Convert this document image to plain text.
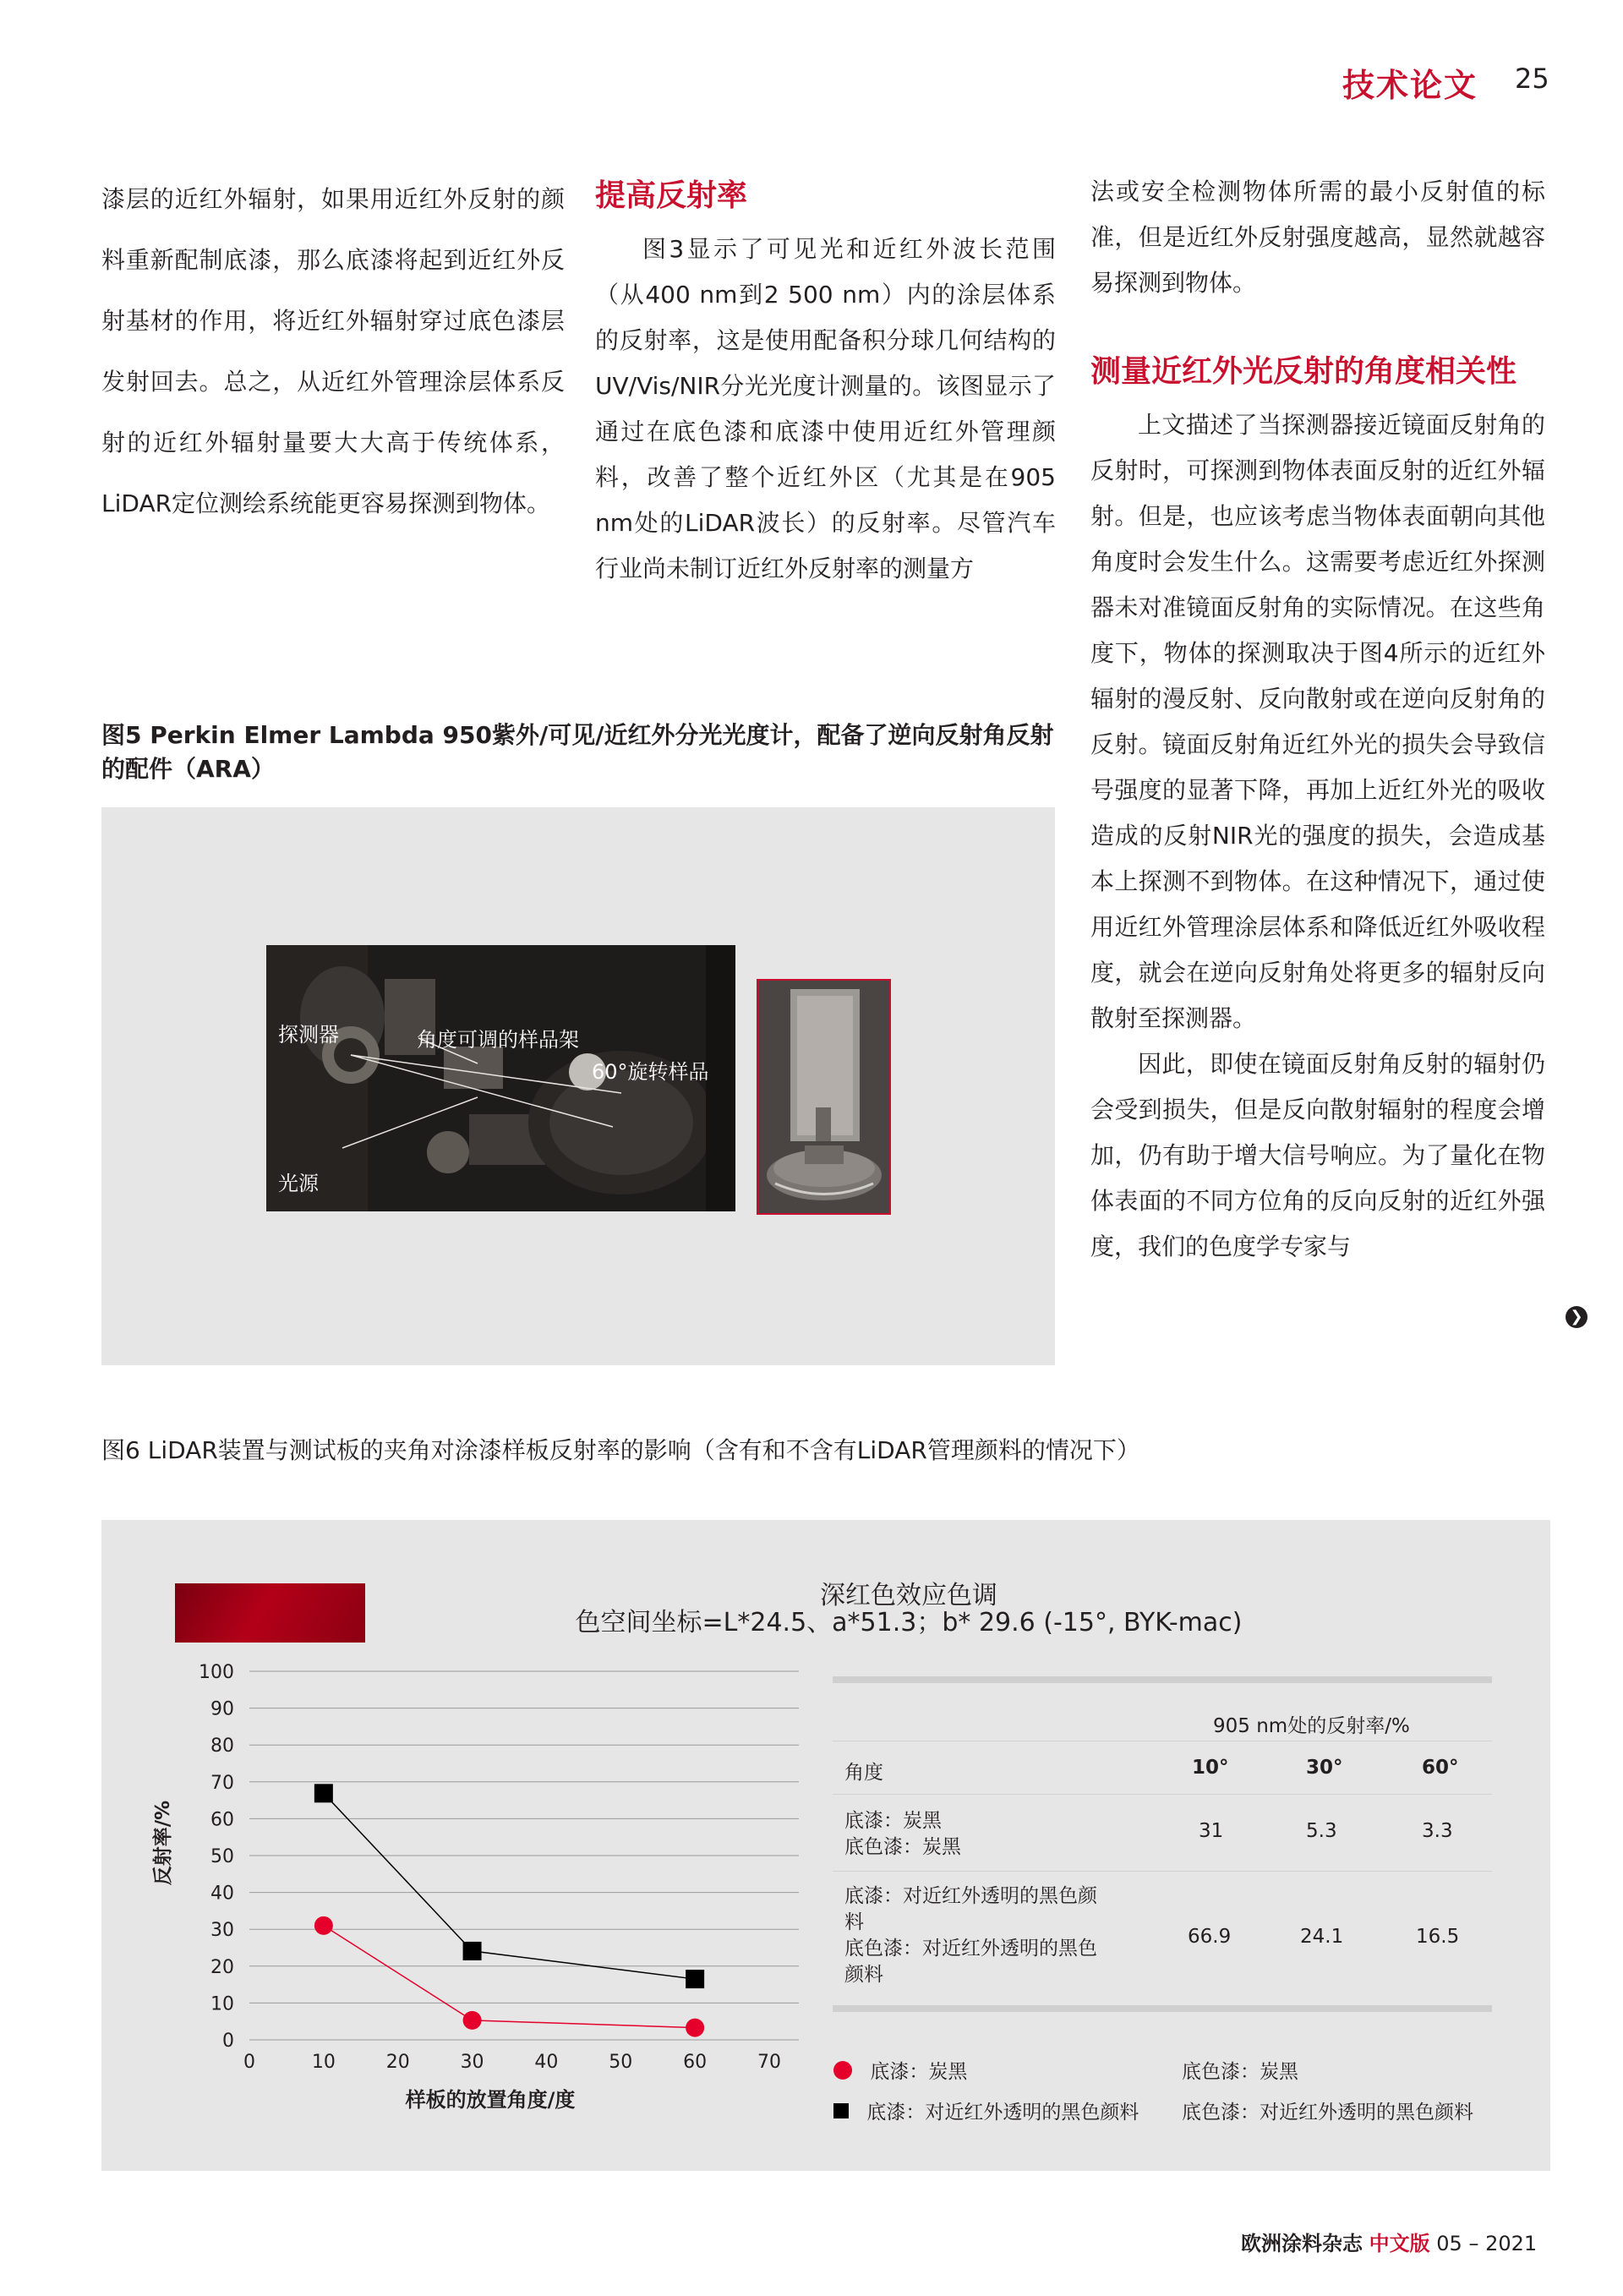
技术论文 25

漆层的近红外辐射，如果用近红外反射的颜料重新配制底漆，那么底漆将起到近红外反射基材的作用，将近红外辐射穿过底色漆层发射回去。总之，从近红外管理涂层体系反射的近红外辐射量要大大高于传统体系，LiDAR定位测绘系统能更容易探测到物体。

提高反射率

图3显示了可见光和近红外波长范围（从400 nm到2 500 nm）内的涂层体系的反射率，这是使用配备积分球几何结构的UV/Vis/NIR分光光度计测量的。该图显示了通过在底色漆和底漆中使用近红外管理颜料，改善了整个近红外区（尤其是在905 nm处的LiDAR波长）的反射率。尽管汽车行业尚未制订近红外反射率的测量方

法或安全检测物体所需的最小反射值的标准，但是近红外反射强度越高，显然就越容易探测到物体。

测量近红外光反射的角度相关性

上文描述了当探测器接近镜面反射角的反射时，可探测到物体表面反射的近红外辐射。但是，也应该考虑当物体表面朝向其他角度时会发生什么。这需要考虑近红外探测器未对准镜面反射角的实际情况。在这些角度下，物体的探测取决于图4所示的近红外辐射的漫反射、反向散射或在逆向反射角的反射。镜面反射角近红外光的损失会导致信号强度的显著下降，再加上近红外光的吸收造成的反射NIR光的强度的损失，会造成基本上探测不到物体。在这种情况下，通过使用近红外管理涂层体系和降低近红外吸收程度，就会在逆向反射角处将更多的辐射反向散射至探测器。

因此，即使在镜面反射角反射的辐射仍会受到损失，但是反向散射辐射的程度会增加，仍有助于增大信号响应。为了量化在物体表面的不同方位角的反向反射的近红外强度，我们的色度学专家与

❯
图5 Perkin Elmer Lambda 950紫外/可见/近红外分光光度计，配备了逆向反射角反射的配件（ARA）
探测器	角度可调的样品架
60°旋转样品
光源
图6 LiDAR装置与测试板的夹角对涂漆样板反射率的影响（含有和不含有LiDAR管理颜料的情况下）
深红色效应色调
色空间坐标=L*24.5、a*51.3；b* 29.6 (-15°, BYK-mac)
0
10
20
30
40
50
60
70
80
90
100
0	10	20	30	40	50	60	70
反射率/%
样板的放置角度/度
905 nm处的反射率/%
角度	10°	30°	60°
底漆：炭黑
底色漆：炭黑
31	5.3	3.3
底漆：对近红外透明的黑色颜料
底色漆：对近红外透明的黑色颜料
66.9	24.1	16.5
底漆：炭黑	底色漆：炭黑
底漆：对近红外透明的黑色颜料 底色漆：对近红外透明的黑色颜料
欧洲涂料杂志 中文版 05 – 2021
